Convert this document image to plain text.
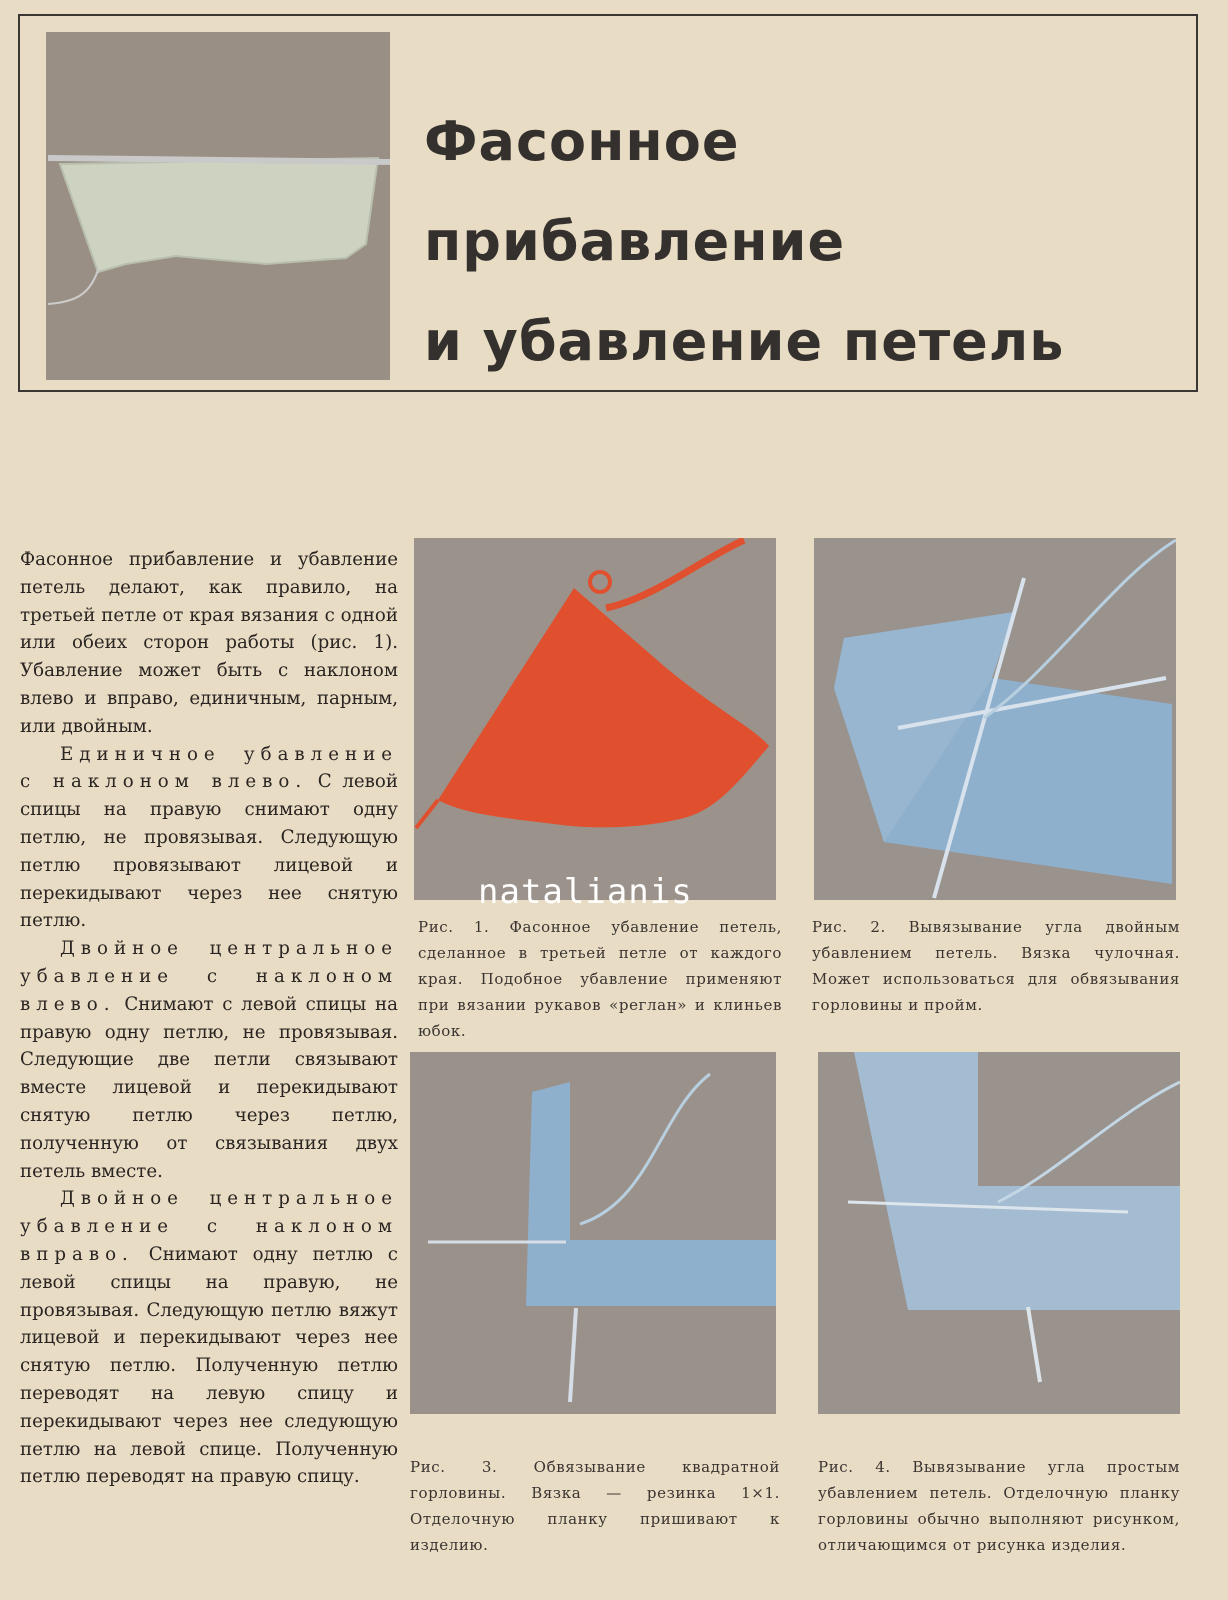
Фасонное
прибавление
и убавление петель

Фасонное прибавление и убавление петель делают, как правило, на третьей петле от края вязания с одной или обеих сторон работы (рис. 1). Убавление может быть с наклоном влево и вправо, единичным, парным, или двойным.

Единичное убавление с наклоном влево. С левой спицы на правую снимают одну петлю, не провязывая. Следующую петлю провязывают лицевой и перекидывают через нее снятую петлю.

Двойное центральное убавление с наклоном влево. Снимают с левой спицы на правую одну петлю, не провязывая. Следующие две петли связывают вместе лицевой и перекидывают снятую петлю через петлю, полученную от связывания двух петель вместе.

Двойное центральное убавление с наклоном вправо. Снимают одну петлю с левой спицы на правую, не провязывая. Следующую петлю вяжут лицевой и перекидывают через нее снятую петлю. Полученную петлю переводят на левую спицу и перекидывают через нее следующую петлю на левой спице. Полученную петлю переводят на правую спицу.

natalianis
Рис. 1. Фасонное убавление петель, сделанное в третьей петле от каждого края. Подобное убавление применяют при вязании рукавов «реглан» и клиньев юбок.
Рис. 2. Вывязывание угла двойным убавлением петель. Вязка чулочная. Может использоваться для обвязывания горловины и пройм.
Рис. 3. Обвязывание квадратной горловины. Вязка — резинка 1×1. Отделочную планку пришивают к изделию.
Рис. 4. Вывязывание угла простым убавлением петель. Отделочную планку горловины обычно выполняют рисунком, отличающимся от рисунка изделия.
